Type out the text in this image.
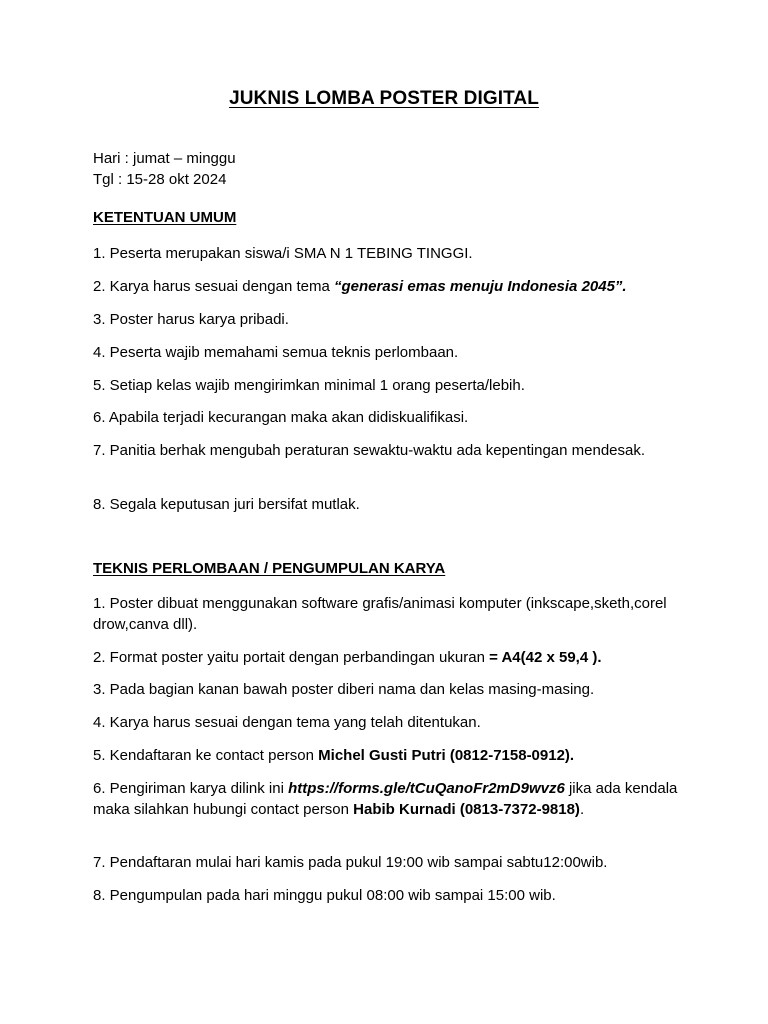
JUKNIS LOMBA POSTER DIGITAL
Hari : jumat – minggu
Tgl : 15-28 okt 2024
KETENTUAN UMUM
1. Peserta merupakan siswa/i SMA N 1 TEBING TINGGI.
2. Karya harus sesuai dengan tema “generasi emas menuju Indonesia 2045”.
3. Poster harus karya pribadi.
4. Peserta wajib memahami semua teknis perlombaan.
5. Setiap kelas wajib mengirimkan minimal 1 orang peserta/lebih.
6. Apabila terjadi kecurangan maka akan didiskualifikasi.
7. Panitia berhak mengubah peraturan sewaktu-waktu ada kepentingan mendesak.
8. Segala keputusan juri bersifat mutlak.
TEKNIS PERLOMBAAN / PENGUMPULAN KARYA
1. Poster dibuat menggunakan software grafis/animasi komputer (inkscape,sketh,corel drow,canva dll).
2. Format poster yaitu portait dengan perbandingan ukuran = A4(42 x 59,4 ).
3. Pada bagian kanan bawah poster diberi nama dan kelas masing-masing.
4. Karya harus sesuai dengan tema yang telah ditentukan.
5. Kendaftaran ke contact person Michel Gusti Putri (0812-7158-0912).
6. Pengiriman karya dilink ini https://forms.gle/tCuQanoFr2mD9wvz6 jika ada kendala maka silahkan hubungi contact person Habib Kurnadi (0813-7372-9818).
7. Pendaftaran mulai hari kamis pada pukul 19:00 wib sampai sabtu12:00wib.
8. Pengumpulan pada hari minggu pukul 08:00 wib sampai 15:00 wib.
